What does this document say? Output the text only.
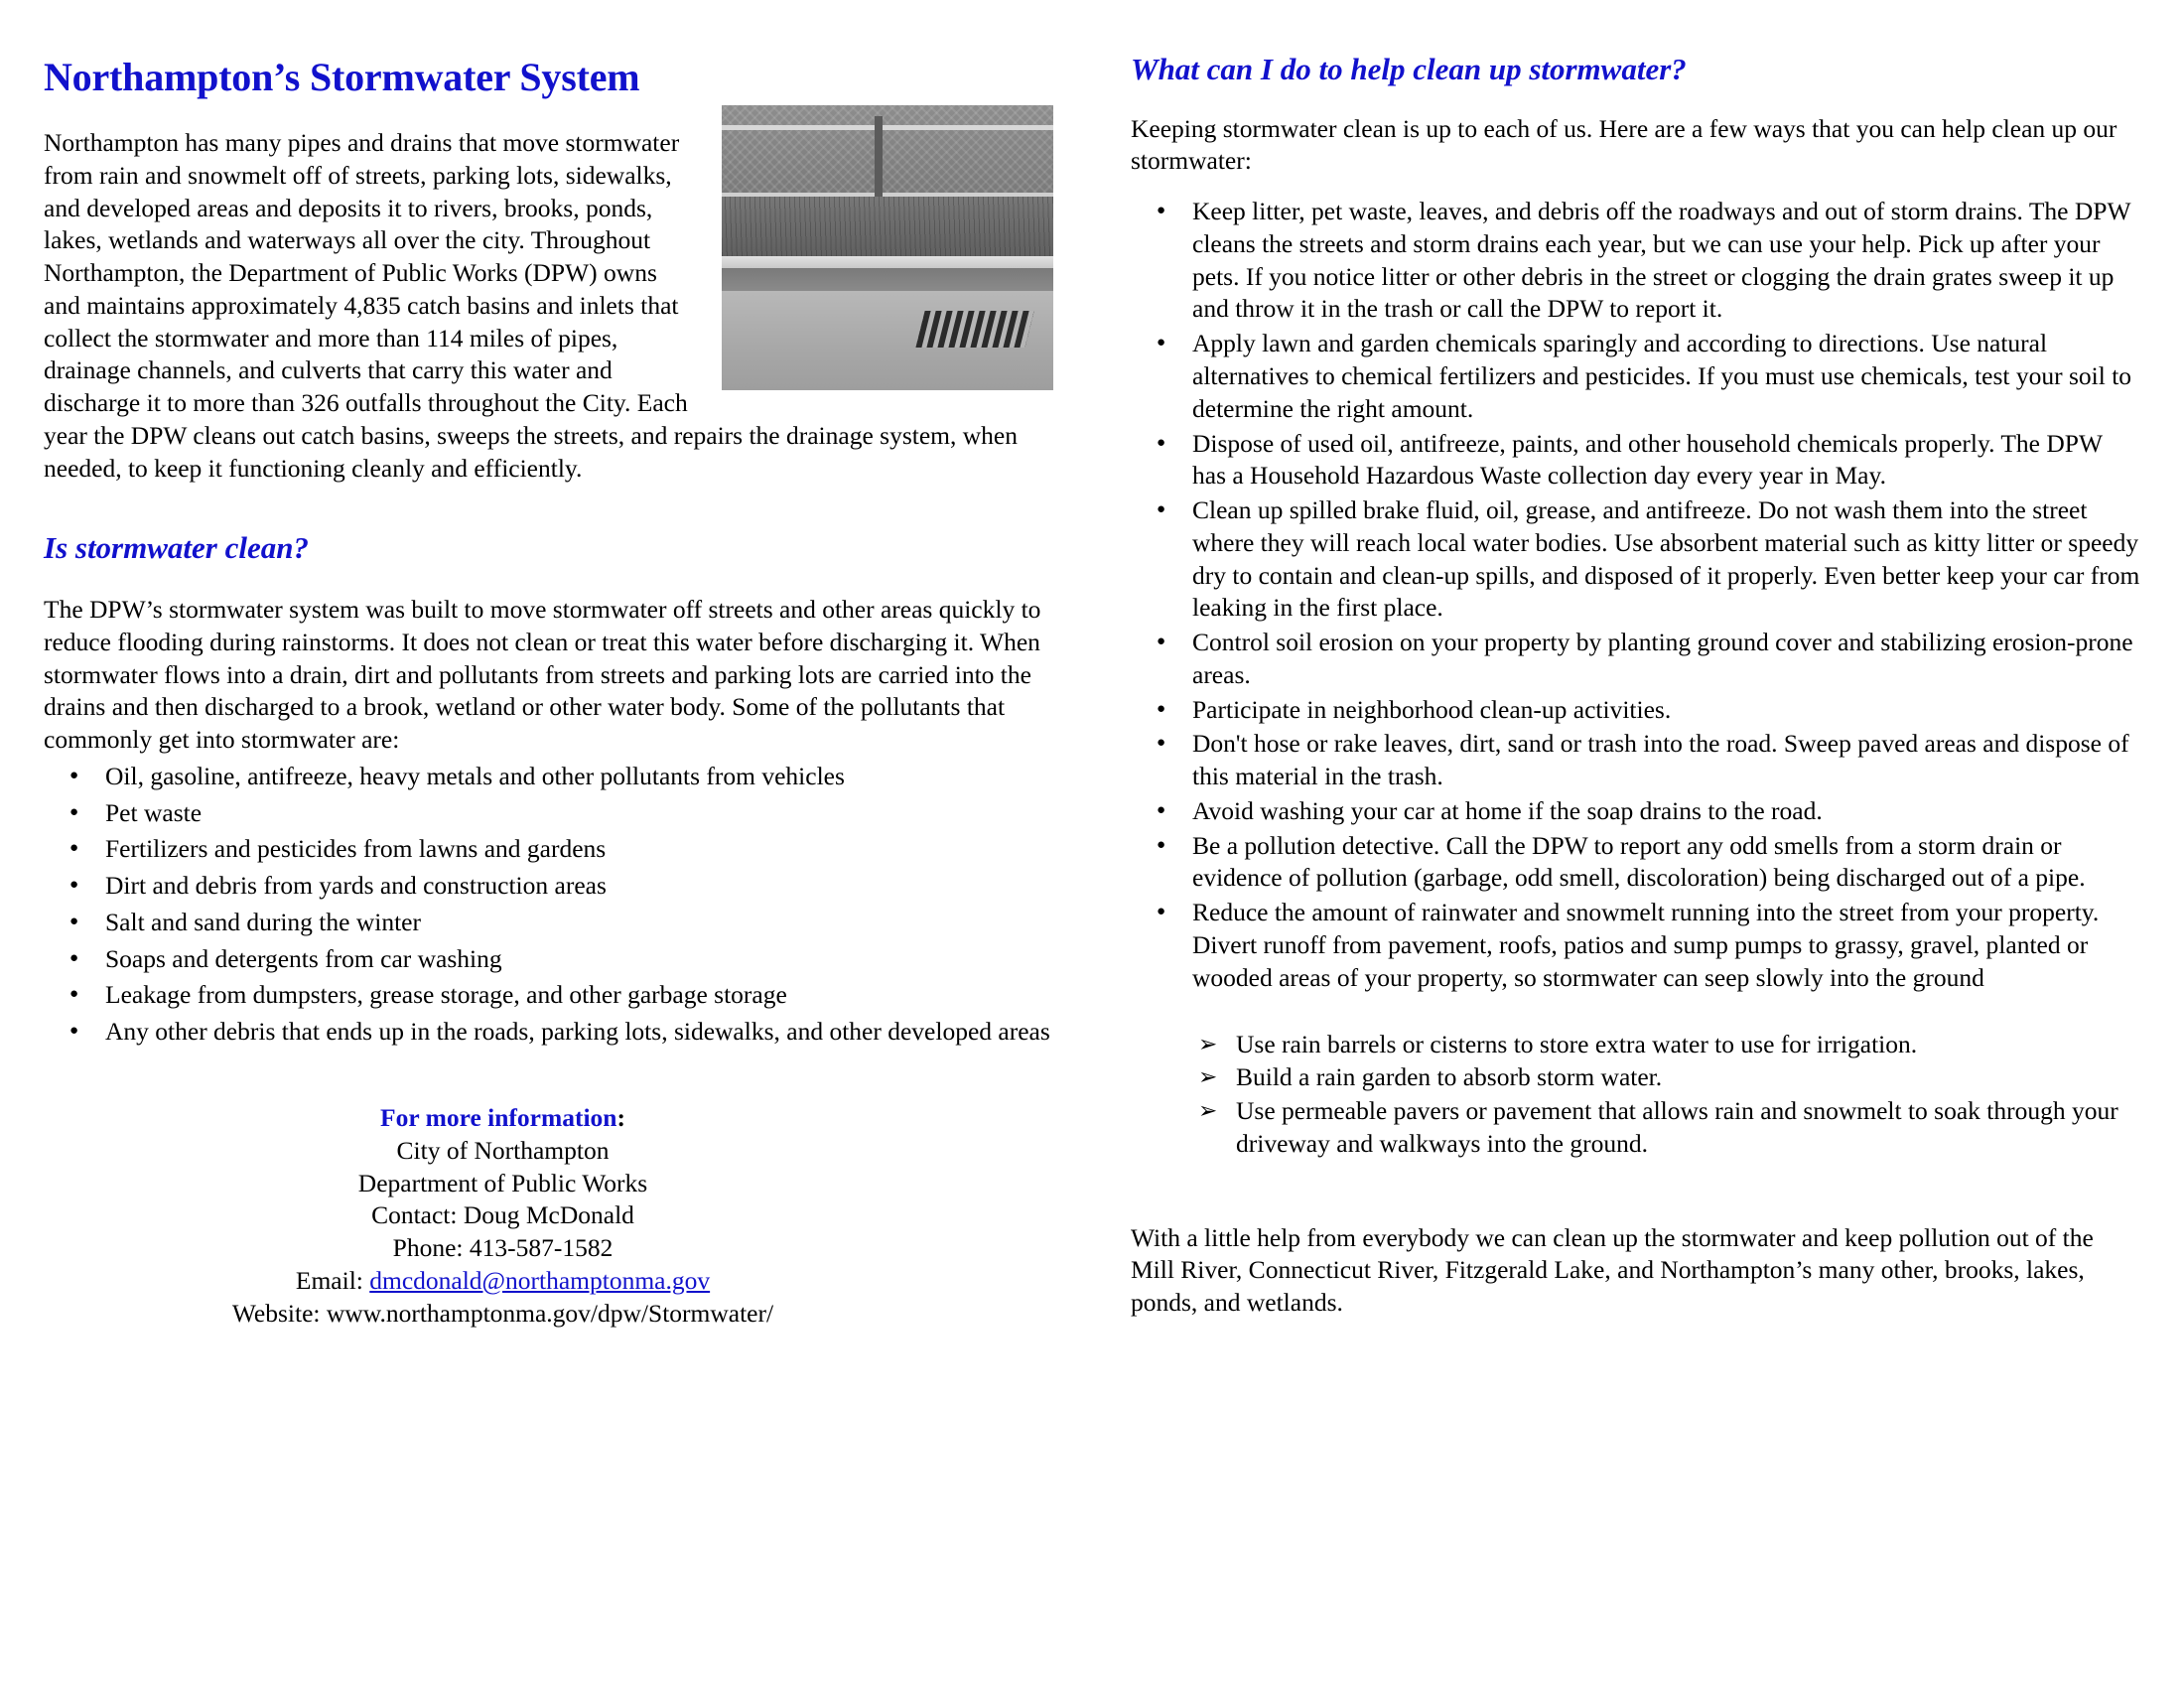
Northampton’s Stormwater System

Northampton has many pipes and drains that move stormwater from rain and snowmelt off of streets, parking lots, sidewalks, and developed areas and deposits it to rivers, brooks, ponds, lakes, wetlands and waterways all over the city. Throughout Northampton, the Department of Public Works (DPW) owns and maintains approximately 4,835 catch basins and inlets that collect the stormwater and more than 114 miles of pipes, drainage channels, and culverts that carry this water and discharge it to more than 326 outfalls throughout the City. Each year the DPW cleans out catch basins, sweeps the streets, and repairs the drainage system, when needed, to keep it functioning cleanly and efficiently.

Is stormwater clean?

The DPW’s stormwater system was built to move stormwater off streets and other areas quickly to reduce flooding during rainstorms. It does not clean or treat this water before discharging it. When stormwater flows into a drain, dirt and pollutants from streets and parking lots are carried into the drains and then discharged to a brook, wetland or other water body. Some of the pollutants that commonly get into stormwater are:

● Oil, gasoline, antifreeze, heavy metals and other pollutants from vehicles
● Pet waste
● Fertilizers and pesticides from lawns and gardens
● Dirt and debris from yards and construction areas
● Salt and sand during the winter
● Soaps and detergents from car washing
● Leakage from dumpsters, grease storage, and other garbage storage
● Any other debris that ends up in the roads, parking lots, sidewalks, and other developed areas
For more information:
City of Northampton
Department of Public Works
Contact: Doug McDonald
Phone: 413-587-1582
Email: dmcdonald@northamptonma.gov
Website: www.northamptonma.gov/dpw/Stormwater/
What can I do to help clean up stormwater?

Keeping stormwater clean is up to each of us. Here are a few ways that you can help clean up our stormwater:

● Keep litter, pet waste, leaves, and debris off the roadways and out of storm drains. The DPW cleans the streets and storm drains each year, but we can use your help. Pick up after your pets. If you notice litter or other debris in the street or clogging the drain grates sweep it up and throw it in the trash or call the DPW to report it.
● Apply lawn and garden chemicals sparingly and according to directions. Use natural alternatives to chemical fertilizers and pesticides. If you must use chemicals, test your soil to determine the right amount.
● Dispose of used oil, antifreeze, paints, and other household chemicals properly. The DPW has a Household Hazardous Waste collection day every year in May.
● Clean up spilled brake fluid, oil, grease, and antifreeze. Do not wash them into the street where they will reach local water bodies. Use absorbent material such as kitty litter or speedy dry to contain and clean-up spills, and disposed of it properly. Even better keep your car from leaking in the first place.
● Control soil erosion on your property by planting ground cover and stabilizing erosion-prone areas.
● Participate in neighborhood clean-up activities.
● Don't hose or rake leaves, dirt, sand or trash into the road. Sweep paved areas and dispose of this material in the trash.
● Avoid washing your car at home if the soap drains to the road.
● Be a pollution detective. Call the DPW to report any odd smells from a storm drain or evidence of pollution (garbage, odd smell, discoloration) being discharged out of a pipe.
● Reduce the amount of rainwater and snowmelt running into the street from your property. Divert runoff from pavement, roofs, patios and sump pumps to grassy, gravel, planted or wooded areas of your property, so stormwater can seep slowly into the ground
➢ Use rain barrels or cisterns to store extra water to use for irrigation.
➢ Build a rain garden to absorb storm water.
➢ Use permeable pavers or pavement that allows rain and snowmelt to soak through your driveway and walkways into the ground.

With a little help from everybody we can clean up the stormwater and keep pollution out of the Mill River, Connecticut River, Fitzgerald Lake, and Northampton’s many other, brooks, lakes, ponds, and wetlands.
